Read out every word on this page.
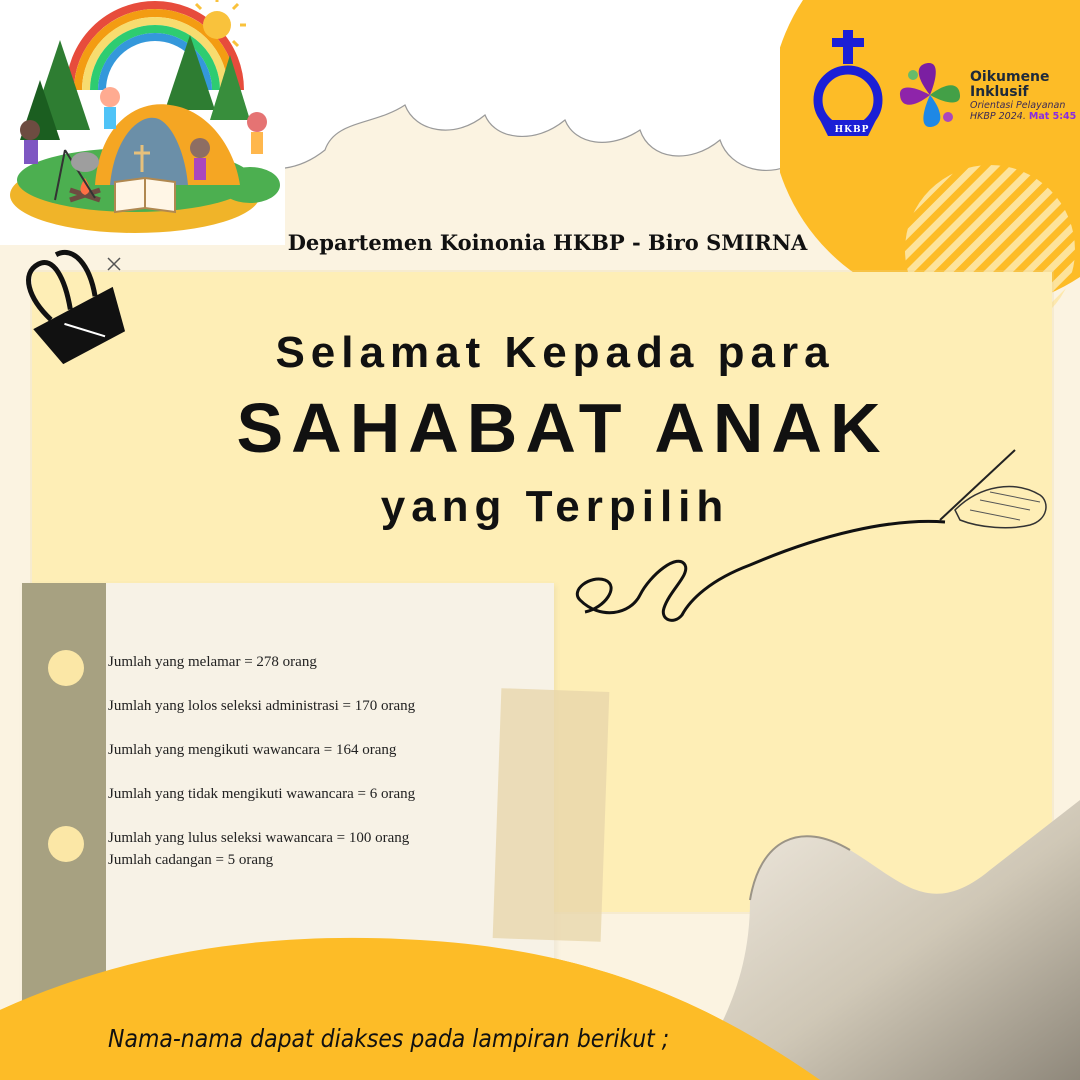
HKBP
Oikumene
Inklusif
Orientasi Pelayanan
HKBP 2024. Mat 5:45
Departemen Koinonia HKBP - Biro SMIRNA
Selamat Kepada para
SAHABAT ANAK
yang Terpilih
Jumlah yang melamar = 278 orang
Jumlah yang lolos seleksi administrasi = 170 orang
Jumlah yang mengikuti wawancara = 164 orang
Jumlah yang tidak mengikuti wawancara = 6 orang
Jumlah yang lulus seleksi wawancara = 100 orang
Jumlah cadangan = 5 orang
Nama-nama dapat diakses pada lampiran berikut ;
